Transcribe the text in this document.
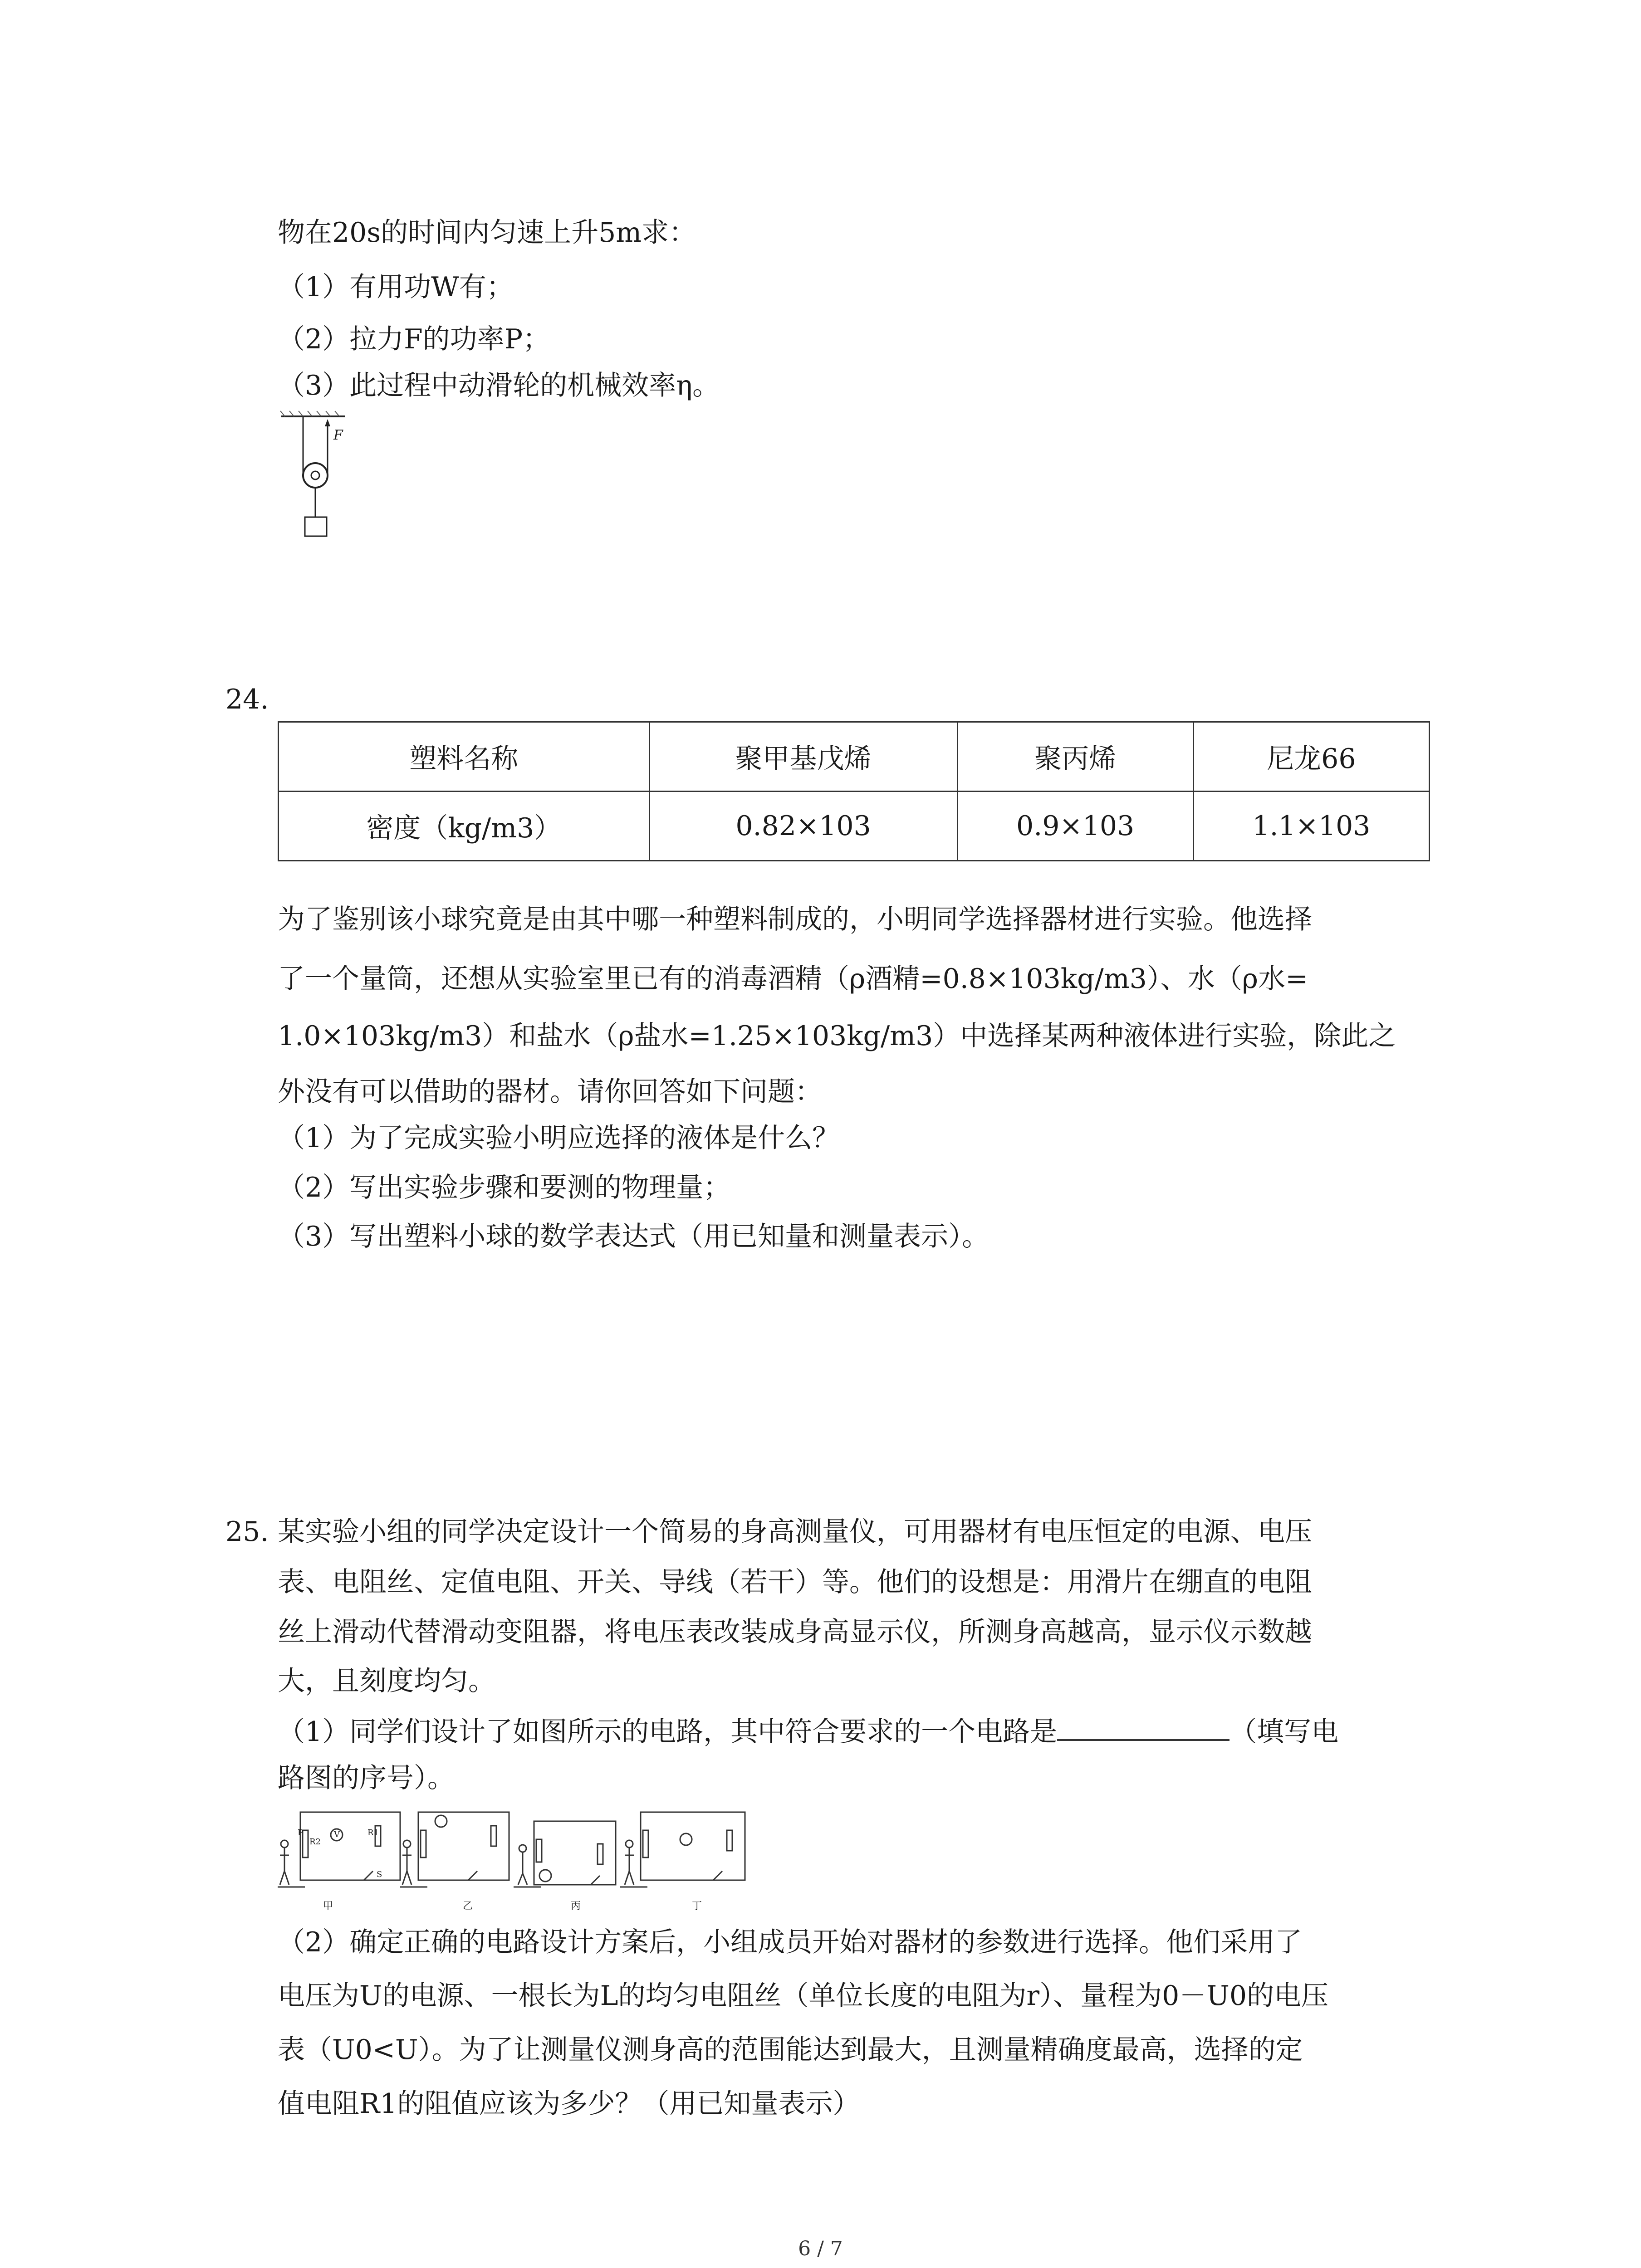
物在20s的时间内匀速上升5m求：
（1）有用功W有；
（2）拉力F的功率P；
（3）此过程中动滑轮的机械效率η。
F
24.
塑料名称	聚甲基戊烯	聚丙烯	尼龙66
密度（kg/m3）	0.82×103	0.9×103	1.1×103
为了鉴别该小球究竟是由其中哪一种塑料制成的，小明同学选择器材进行实验。他选择
了一个量筒，还想从实验室里已有的消毒酒精（ρ酒精=0.8×103kg/m3）、水（ρ水=
1.0×103kg/m3）和盐水（ρ盐水=1.25×103kg/m3）中选择某两种液体进行实验，除此之
外没有可以借助的器材。请你回答如下问题：
（1）为了完成实验小明应选择的液体是什么？
（2）写出实验步骤和要测的物理量；
（3）写出塑料小球的数学表达式（用已知量和测量表示）。
25. 某实验小组的同学决定设计一个简易的身高测量仪，可用器材有电压恒定的电源、电压
表、电阻丝、定值电阻、开关、导线（若干）等。他们的设想是：用滑片在绷直的电阻
丝上滑动代替滑动变阻器，将电压表改装成身高显示仪，所测身高越高，显示仪示数越
大，且刻度均匀。
（1）同学们设计了如图所示的电路，其中符合要求的一个电路是	（填写电
路图的序号）。
P
R2
V	R1
S
甲	乙	丙	丁
（2）确定正确的电路设计方案后，小组成员开始对器材的参数进行选择。他们采用了
电压为U的电源、一根长为L的均匀电阻丝（单位长度的电阻为r）、量程为0－U0的电压
表（U0<U）。为了让测量仪测身高的范围能达到最大，且测量精确度最高，选择的定
值电阻R1的阻值应该为多少？（用已知量表示）
6 / 7
